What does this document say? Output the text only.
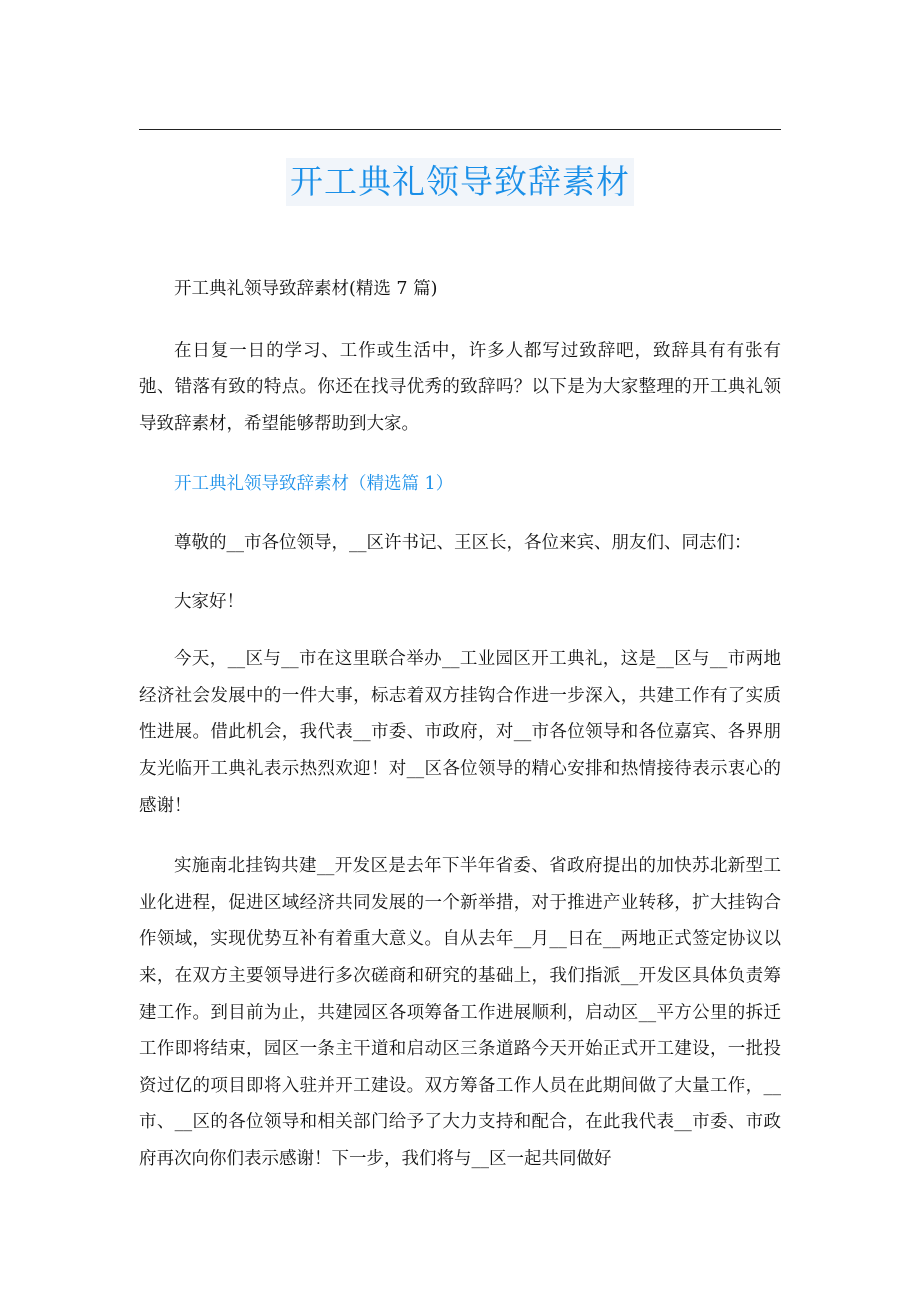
开工典礼领导致辞素材

开工典礼领导致辞素材(精选 7 篇)

在日复一日的学习、工作或生活中，许多人都写过致辞吧，致辞具有有张有弛、错落有致的特点。你还在找寻优秀的致辞吗？以下是为大家整理的开工典礼领导致辞素材，希望能够帮助到大家。

开工典礼领导致辞素材（精选篇 1）

尊敬的__市各位领导，__区许书记、王区长，各位来宾、朋友们、同志们：

大家好！

今天，__区与__市在这里联合举办__工业园区开工典礼，这是__区与__市两地经济社会发展中的一件大事，标志着双方挂钩合作进一步深入，共建工作有了实质性进展。借此机会，我代表__市委、市政府，对__市各位领导和各位嘉宾、各界朋友光临开工典礼表示热烈欢迎！对__区各位领导的精心安排和热情接待表示衷心的感谢！

实施南北挂钩共建__开发区是去年下半年省委、省政府提出的加快苏北新型工业化进程，促进区域经济共同发展的一个新举措，对于推进产业转移，扩大挂钩合作领域，实现优势互补有着重大意义。自从去年__月__日在__两地正式签定协议以来，在双方主要领导进行多次磋商和研究的基础上，我们指派__开发区具体负责筹建工作。到目前为止，共建园区各项筹备工作进展顺利，启动区__平方公里的拆迁工作即将结束，园区一条主干道和启动区三条道路今天开始正式开工建设，一批投资过亿的项目即将入驻并开工建设。双方筹备工作人员在此期间做了大量工作，__市、__区的各位领导和相关部门给予了大力支持和配合，在此我代表__市委、市政府再次向你们表示感谢！下一步，我们将与__区一起共同做好
